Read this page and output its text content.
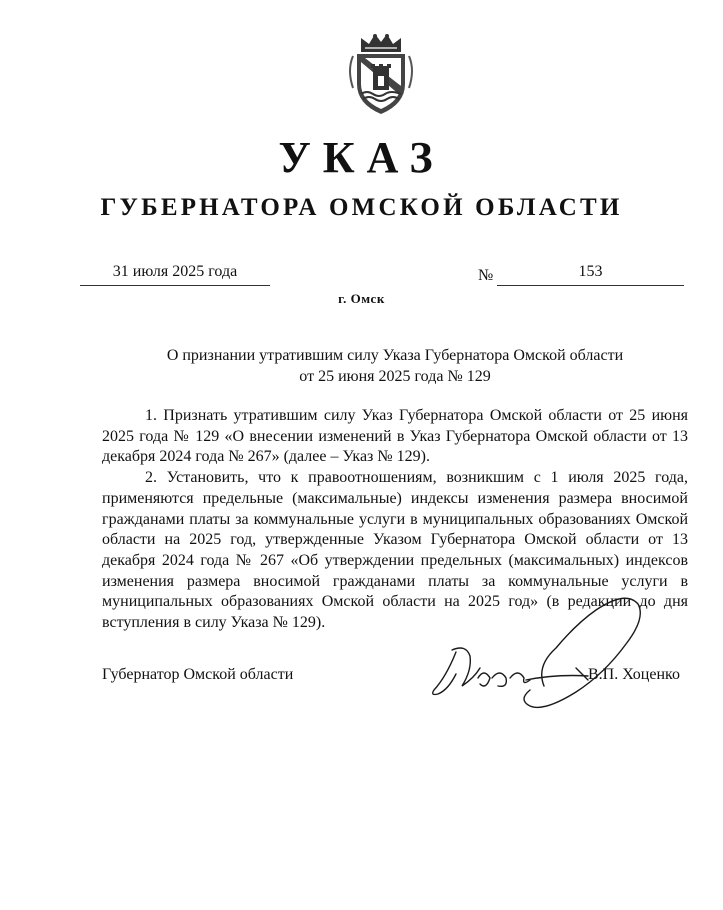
УКАЗ
ГУБЕРНАТОРА ОМСКОЙ ОБЛАСТИ
31 июля 2025 года	№	153
г. Омск

О признании утратившим силу Указа Губернатора Омской области

от 25 июня 2025 года № 129

1. Признать утратившим силу Указ Губернатора Омской области от 25 июня 2025 года № 129 «О внесении изменений в Указ Губернатора Омской области от 13 декабря 2024 года № 267» (далее – Указ № 129).

2. Установить, что к правоотношениям, возникшим с 1 июля 2025 года, применяются предельные (максимальные) индексы изменения размера вносимой гражданами платы за коммунальные услуги в муниципальных образованиях Омской области на 2025 год, утвержденные Указом Губернатора Омской области от 13 декабря 2024 года № 267 «Об утверждении предельных (максимальных) индексов изменения размера вносимой гражданами платы за коммунальные услуги в муниципальных образованиях Омской области на 2025 год» (в редакции до дня вступления в силу Указа № 129).

Губернатор Омской области	В.П. Хоценко
